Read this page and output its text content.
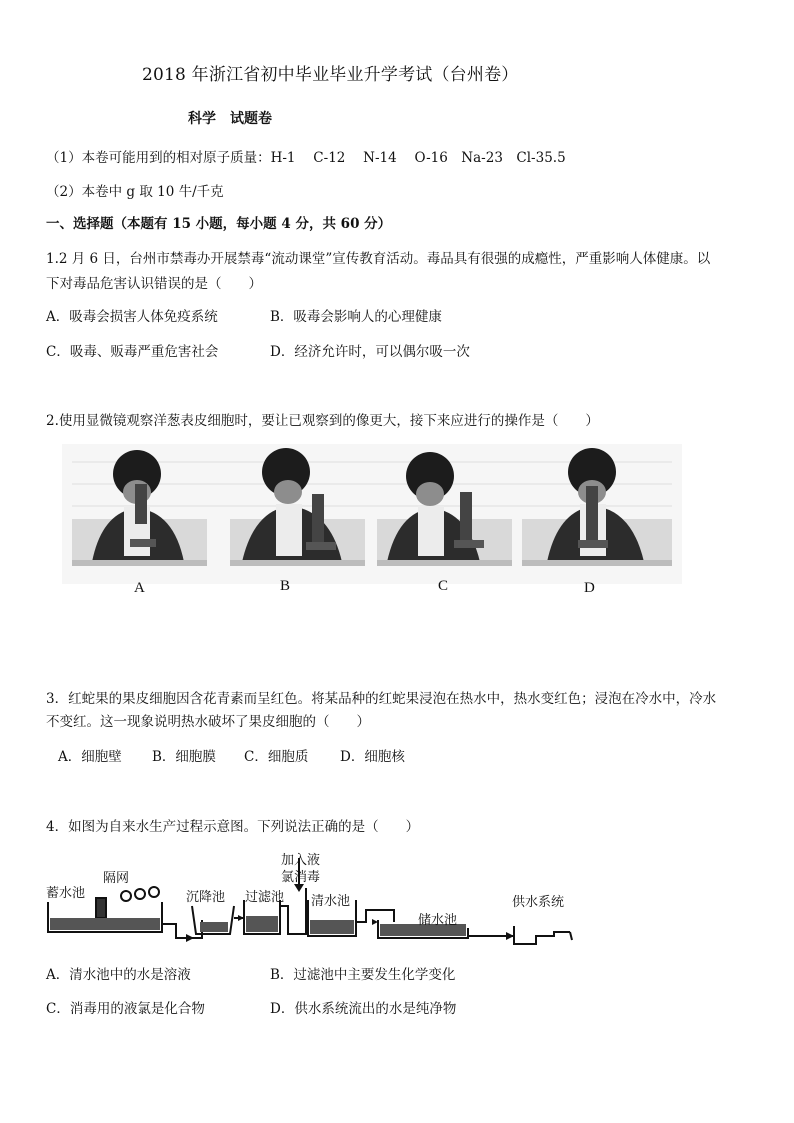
2018 年浙江省初中毕业毕业升学考试（台州卷）
科学　试题卷
（1）本卷可能用到的相对原子质量：H-1　 C-12　 N-14　 O-16　Na-23　Cl-35.5
（2）本卷中 g 取 10 牛/千克
一、选择题（本题有 15 小题，每小题 4 分，共 60 分）
1.2 月 6 日，台州市禁毒办开展禁毒“流动课堂”宣传教育活动。毒品具有很强的成瘾性，严重影响人体健康。以
下对毒品危害认识错误的是（　　）
A．吸毒会损害人体免疫系统	B．吸毒会影响人的心理健康
C．吸毒、贩毒严重危害社会	D．经济允许时，可以偶尔吸一次
2.使用显微镜观察洋葱表皮细胞时，要让已观察到的像更大，接下来应进行的操作是（　　）
A	B	C	D
3．红蛇果的果皮细胞因含花青素而呈红色。将某品种的红蛇果浸泡在热水中，热水变红色；浸泡在冷水中，冷水
不变红。这一现象说明热水破坏了果皮细胞的（　　）
A．细胞壁 B．细胞膜 C．细胞质 D．细胞核
4．如图为自来水生产过程示意图。下列说法正确的是（　　）
蓄水池
隔网
沉降池 过滤池
加入液
氯消毒
清水池
储水池
供水系统
A．清水池中的水是溶液	B．过滤池中主要发生化学变化
C．消毒用的液氯是化合物	D．供水系统流出的水是纯净物
